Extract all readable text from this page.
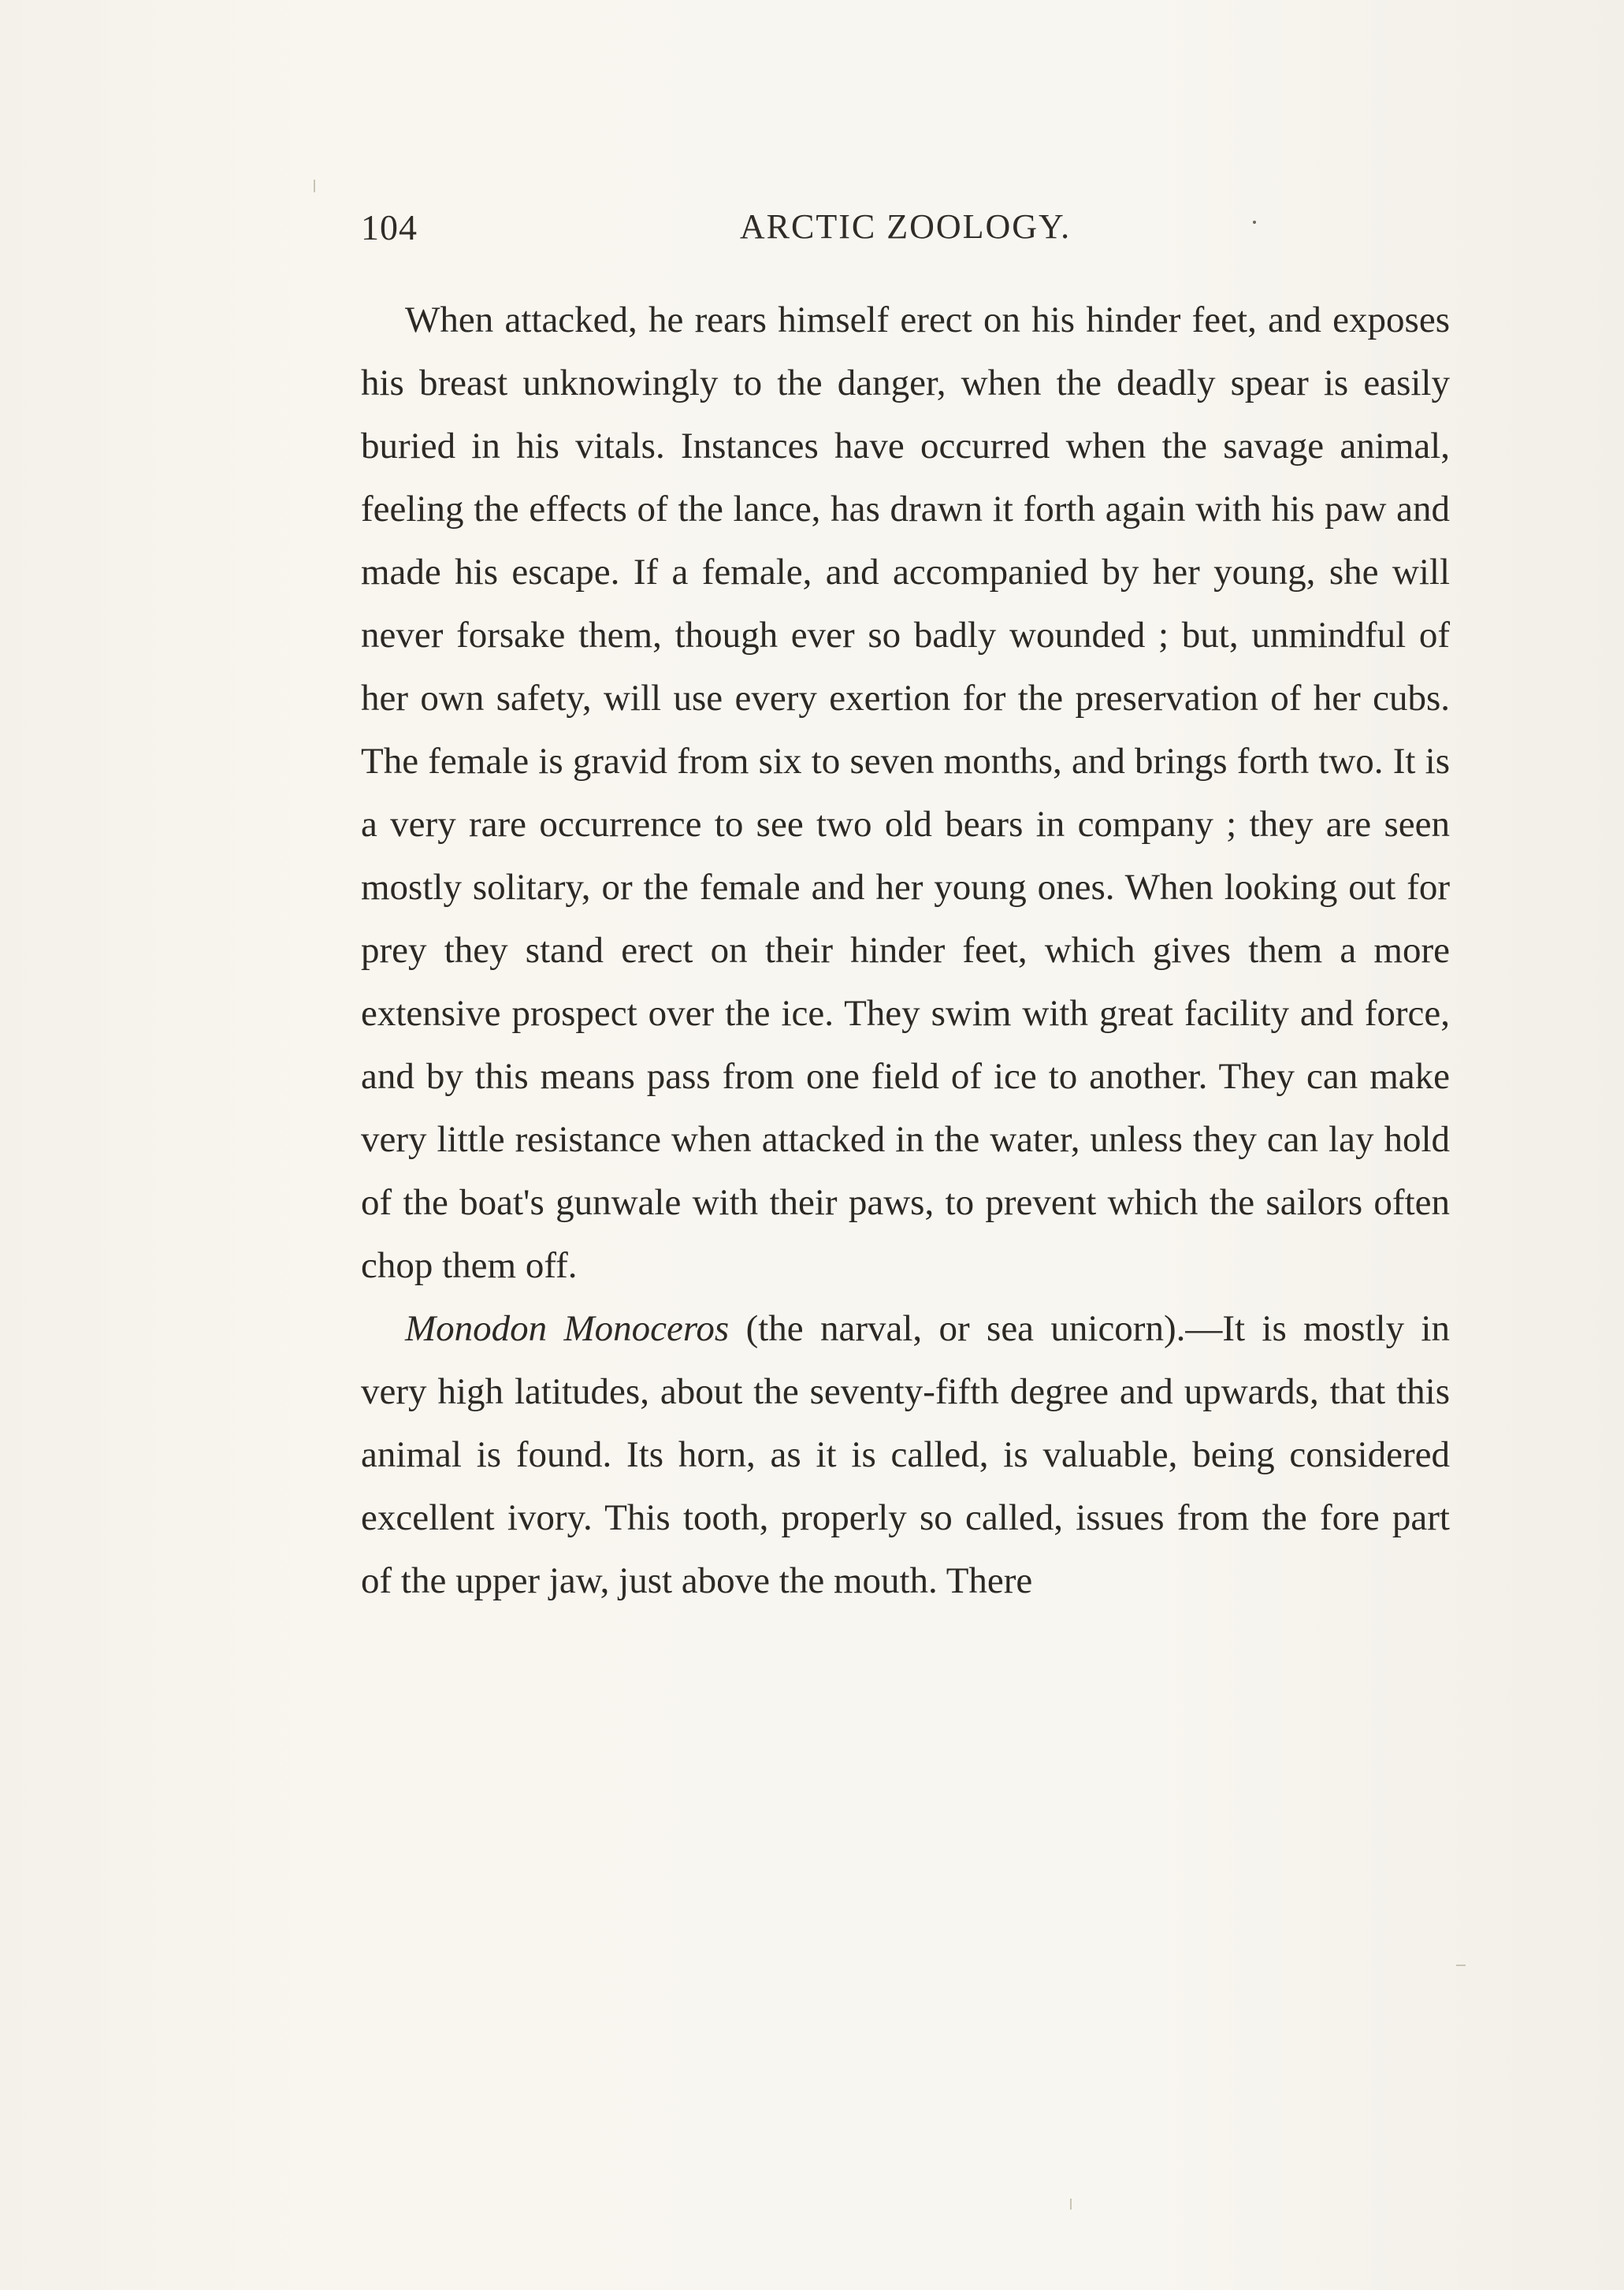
104	ARCTIC ZOOLOGY.

When attacked, he rears himself erect on his hinder feet, and exposes his breast unknowingly to the danger, when the deadly spear is easily buried in his vitals. Instances have occurred when the savage animal, feeling the effects of the lance, has drawn it forth again with his paw and made his escape. If a female, and accompanied by her young, she will never forsake them, though ever so badly wounded ; but, unmindful of her own safety, will use every exertion for the preservation of her cubs. The female is gravid from six to seven months, and brings forth two. It is a very rare occurrence to see two old bears in company ; they are seen mostly solitary, or the female and her young ones. When looking out for prey they stand erect on their hinder feet, which gives them a more extensive prospect over the ice. They swim with great facility and force, and by this means pass from one field of ice to another. They can make very little resistance when attacked in the water, unless they can lay hold of the boat's gunwale with their paws, to prevent which the sailors often chop them off.

Monodon Monoceros (the narval, or sea unicorn).—It is mostly in very high latitudes, about the seventy-fifth degree and upwards, that this animal is found. Its horn, as it is called, is valuable, being considered excellent ivory. This tooth, properly so called, issues from the fore part of the upper jaw, just above the mouth. There
